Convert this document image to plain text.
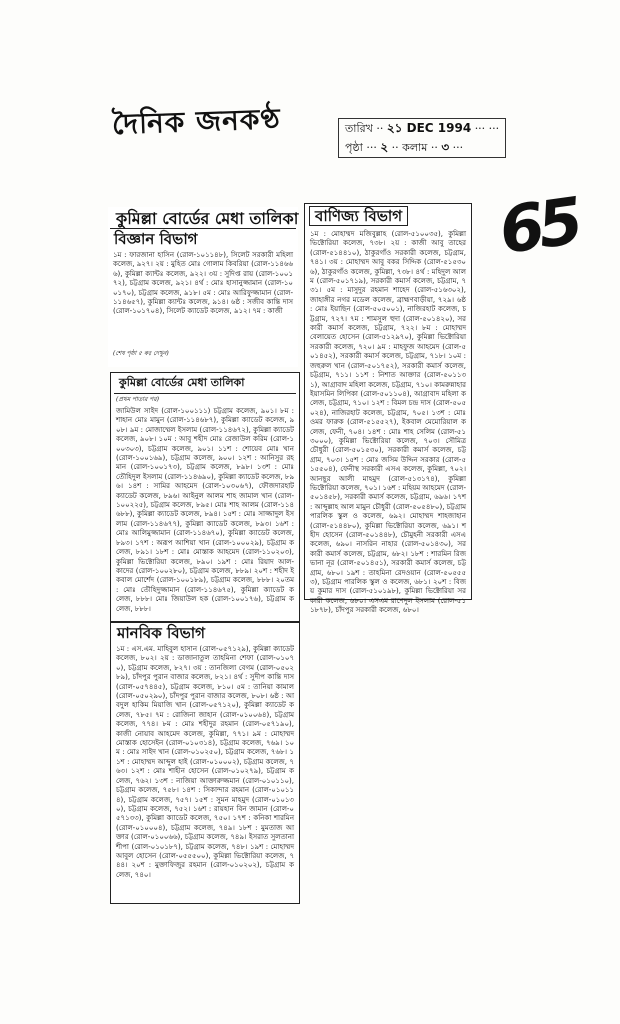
দৈনিক জনকণ্ঠ	তারিখ ·· ২১ DEC 1994 ··· ···
পৃষ্ঠা ··· ২ ·· কলাম ·· ৩ ···
65
কুমিল্লা বোর্ডের মেধা তালিকা
বিজ্ঞান বিভাগ
১ম : ফারজানা হাসিন (রোল-১০১১৪৮), সিলেট সরকারী মহিলা কলেজ, ৯২৭। ২য় : মুহিত মোঃ গোলাম কিবরিয়া (রোল-১১৪৬৬৬), কুমিল্লা ক্যান্টঃ কলেজ, ৯২২। ৩য় : সুদিপ্ত রায় (রোল-১০০১৭২), চট্টগ্রাম কলেজ, ৯২১। ৪র্থ : মোঃ হাসানুজ্জামান (রোল-১০০১৭০), চট্টগ্রাম কলেজ, ৯১৮। ৫ম : মোঃ আরিফুজ্জামান (রোল-১১৪৬৫৭), কুমিল্লা ক্যান্টঃ কলেজ, ৯১৪। ৬ষ্ঠ : সজীব কান্তি দাস (রোল-১০১৭০৪), সিলেট ক্যাডেট কলেজ, ৯১২। ৭ম : কাজী
(শেষ পৃষ্ঠা ৫ কঃ দেখুন)
কুমিল্লা বোর্ডের মেধা তালিকা
(প্রথম পাতার পর)
জামিউল সাইদ (রোল-১০০১১১) চট্টগ্রাম কলেজ, ৯০১। ৮ম : শাহান মোঃ মামুন (রোল-১১৪৬৮৭), কুমিল্লা ক্যাডেট কলেজ, ৯০৮। ৯ম : মোজাম্মেল ইসলাম (রোল-১১৪৬৭২), কুমিল্লা ক্যাডেট কলেজ, ৯০৮। ১০ম : আবু শহীদ মোঃ রেজাউল করিম (রোল-১০০৩০৩), চট্টগ্রাম কলেজ, ৯০১। ১১শ : শোয়েব মোঃ খান (রোল-১০০১৬৯), চট্টগ্রাম কলেজ, ৯০০। ১২শ : আনিসুর রহমান (রোল-১০০১৭৩), চট্টগ্রাম কলেজ, ৮৯৮। ১৩শ : মোঃ তৌহিদুল ইসলাম (রোল-১১৪৬৯০), কুমিল্লা ক্যাডেট কলেজ, ৮৯৬। ১৪শ : সামির আহমেদ (রোল-১০৩০৬৭), ফৌজদারহাট ক্যাডেট কলেজ, ৮৯৬। আইনুল আলম শাহ জামাল খান (রোল-১০০২২৫), চট্টগ্রাম কলেজ, ৮৯৫। মোঃ শাহ আলম (রোল-১১৪৬৮৮), কুমিল্লা ক্যাডেট কলেজ, ৮৯৪। ১৫শ : মোঃ সাজ্জাদুল ইসলাম (রোল-১১৪৬৭৭), কুমিল্লা ক্যাডেট কলেজ, ৮৯৩। ১৬শ : মোঃ আলিমুজ্জামান (রোল-১১৪৬৭০), কুমিল্লা ক্যাডেট কলেজ, ৮৯৩। ১৭শ : অরূপ আশিয়া খান (রোল-১০০০২৯), চট্টগ্রাম কলেজ, ৮৯১। ১৮শ : মোঃ মোস্তাক আহমেদ (রোল-১১০২০৩), কুমিল্লা ভিক্টোরিয়া কলেজ, ৮৯০। ১৯শ : মোঃ রিয়াদ আল-কাদের (রোল-১০০২৮০), চট্টগ্রাম কলেজ, ৮৮৯। ২০শ : শহীদ ইকবাল মোর্শেদ (রোল-১০০১৮৯), চট্টগ্রাম কলেজ, ৮৮৮। ২০তম : মোঃ তৌহিদুজ্জামান (রোল-১১৪৬৭৫), কুমিল্লা ক্যাডেট কলেজ, ৮৮৮। মোঃ জিয়াউল হক (রোল-১০০১৭৬), চট্টগ্রাম কলেজ, ৮৮৮।
মানবিক বিভাগ
১ম : এস.এম. মাহিবুল হাসান (রোল-০৫৭১২৯), কুমিল্লা ক্যাডেট কলেজ, ৮০২। ২য় : ডাজানাতুল তাহমিনা শেফা (রোল-০১০৭০), চট্টগ্রাম কলেজ, ৮২৭। ৩য় : তানজিলা বেগম (রোল-০৫০২৮৯), চাঁদপুর পুরান বাজার কলেজ, ৮২১। ৪র্থ : সুদীপ কান্তি দাস (রোল-০৫৭৪৪৫), চট্টগ্রাম কলেজ, ৮১০। ৫ম : তানিয়া কামাল (রোল-০৫০২৯০), চাঁদপুর পুরান বাজার কলেজ, ৮০৮। ৬ষ্ঠ : আবদুল হাকিম মিয়াজি খান (রোল-০৫৭১২০), কুমিল্লা ক্যাডেট কলেজ, ৭৮৫। ৭ম : রোজিনা জাহান (রোল-০১০০৬৪), চট্টগ্রাম কলেজ, ৭৭৪। ৮ম : মোঃ শহীদুর রহমান (রোল-০৫৭১৯০), কাজী নোয়াব আহমেদ কলেজ, কুমিল্লা, ৭৭১। ৯ম : মোহাম্মদ মোস্তাক হোসেইন (রোল-০১০৩১৪), চট্টগ্রাম কলেজ, ৭৬৯। ১০ম : মোঃ সাইদ খান (রোল-০১০২৫০), চট্টগ্রাম কলেজ, ৭৬৮। ১১শ : মোহাম্মদ আব্দুল হাই (রোল-০১০০০২), চট্টগ্রাম কলেজ, ৭৬৩। ১২শ : মোঃ শাহীন হোসেন (রোল-০১০২৭৯), চট্টগ্রাম কলেজ, ৭৬২। ১৩শ : নাজিয়া আক্তারুজ্জমান (রোল-০১০১১০), চট্টগ্রাম কলেজ, ৭৫৮। ১৪শ : সিকান্দার রহমান (রোল-০১০১১৪), চট্টগ্রাম কলেজ, ৭৫৭। ১৫শ : সুমন মাহমুদ (রোল-০১০১৩০), চট্টগ্রাম কলেজ, ৭৫২। ১৬শ : রায়হান বিন জামান (রোল-০৫৭১৩৩), কুমিল্লা ক্যাডেট কলেজ, ৭৫০। ১৭শ : কনিকা শারমিন (রোল-০১০০০৪), চট্টগ্রাম কলেজ, ৭৪৯। ১৮শ : মুমতাজ আক্তার (রোল-০১০০৬৬), চট্টগ্রাম কলেজ, ৭৪৯। ইসরাত সুলতানা শীপা (রোল-০১০১৮৭), চট্টগ্রাম কলেজ, ৭৪৮। ১৯শ : মোহাম্মদ আবুল হোসেন (রোল-০৫৫৫০০), কুমিল্লা ভিক্টোরিয়া কলেজ, ৭৪৪। ২০শ : মুক্তাফিজুর রহমান (রোল-০১০২০২), চট্টগ্রাম কলেজ, ৭৪০।
বাণিজ্য বিভাগ
১ম : মোহাম্মদ মজিবুল্লাহ (রোল-৫১০০৩৫), কুমিল্লা ভিক্টোরিয়া কলেজ, ৭৩৮। ২য় : কাজী আবু তাহের (রোল-৫১৪৪১০), ঠাকুরগাঁও সরকারী কলেজ, চট্টগ্রাম, ৭৪১। ৩য় : মোহাম্মদ আবু বকর সিদ্দিক (রোল-৫১৫৩০৬), ঠাকুরগাঁও কলেজ, কুমিল্লা, ৭৩৮। ৪র্থ : মহিদুল আলম (রোল-৫০১৭১৯), সরকারী কমার্স কলেজ, চট্টগ্রাম, ৭৩১। ৫ম : মাসুদুর রহমান শাহেদ (রোল-৫১৬৩০২), জাহাঙ্গীর নগর মডেল কলেজ, ব্রাহ্মণবাড়ীয়া, ৭২৯। ৬ষ্ঠ : মোঃ ইয়াছিন (রোল-৫০৫০০১), নাজিরহাট কলেজ, চট্টগ্রাম, ৭২৭। ৭ম : শামসুল হুদা (রোল-৫০১৪২০), সরকারী কমার্স কলেজ, চট্টগ্রাম, ৭২২। ৮ম : মোহাম্মদ বেলায়েত হোসেন (রোল-৫১২৯৭০), কুমিল্লা ভিক্টোরিয়া সরকারী কলেজ, ৭২০। ৯ম : মাহফুজ আহমেদ (রোল-৫০১৪৫২), সরকারী কমার্স কলেজ, চট্টগ্রাম, ৭১৮। ১০ম : জহুরুল খান (রোল-৫০১৭৫২), সরকারী কমার্স কলেজ, চট্টগ্রাম, ৭১১। ১১শ : নিশাত আক্তার (রোল-৫০১১৩১), আগ্রাবাদ মহিলা কলেজ, চট্টগ্রাম, ৭১০। কামরুন্নাহার ইয়াসমিন লিপিকা (রোল-৫০১১০৪), আগ্রাবাদ মহিলা কলেজ, চট্টগ্রাম, ৭১০। ১২শ : বিমল চন্দ্র দাস (রোল-৫০৫০২৪), নাজিরহাট কলেজ, চট্টগ্রাম, ৭০৫। ১৩শ : মোঃ ওমর ফারুক (রোল-৫১৫৫২৭), ইকবাল মেমোরিয়াল কলেজ, ফেনী, ৭০৪। ১৪শ : মোঃ শাহ সেলিম (রোল-৫১৩০০০), কুমিল্লা ভিক্টোরিয়া কলেজ, ৭০৩। সৌমিত্র চৌধুরী (রোল-৫০১৫৩০), সরকারী কমার্স কলেজ, চট্টগ্রাম, ৭০৩। ১৫শ : মোঃ জসিম উদ্দিন সরকার (রোল-৫১৫৫০৪), ফেনীস্থ সরকারী এসএ কলেজ, কুমিল্লা, ৭০২। আনছুর আলী মাহমুদ (রোল-৫১৩১৭৪), কুমিল্লা ভিক্টোরিয়া কলেজ, ৭০১। ১৬শ : মহিয়ম আহমেদ (রোল-৫০১৪৫৮), সরকারী কমার্স কলেজ, চট্টগ্রাম, ৬৯৬। ১৭শ : আব্দুল্লাহ আল মামুন চৌধুরী (রোল-৫০৫৪৮০), চট্টগ্রাম পারলিক স্কুল ও কলেজ, ৬৯২। মোহাম্মদ শাহজাহান (রোল-৫১৪৪৮০), কুমিল্লা ভিক্টোরিয়া কলেজ, ৬৯১। শহীদ হোসেন (রোল-৫০১৪৪৮), চৌমুহনী সরকারী এসএ কলেজ, ৬৯০। নাসরিন নাহার (রোল-৫০১৪৩০), সরকারী কমার্স কলেজ, চট্টগ্রাম, ৬৮২। ১৮শ : শারমিন রিজভানা নূর (রোল-৫০১৪৫১), সরকারী কমার্স কলেজ, চট্টগ্রাম, ৬৮০। ১৯শ : তাহমিনা রেদওয়ান (রোল-৫০৫৫৫৩), চট্টগ্রাম পারলিক স্কুল ও কলেজ, ৬৮১। ২০শ : বিজয় কুমার দাস (রোল-৫১০১৯৮), কুমিল্লা ভিক্টোরিয়া সরকারী কলেজ, ৬৮০। এসএম রাশেদুল ইসলাম (রোল-৫১১৮৭৮), চাঁদপুর সরকারী কলেজ, ৬৮০।
